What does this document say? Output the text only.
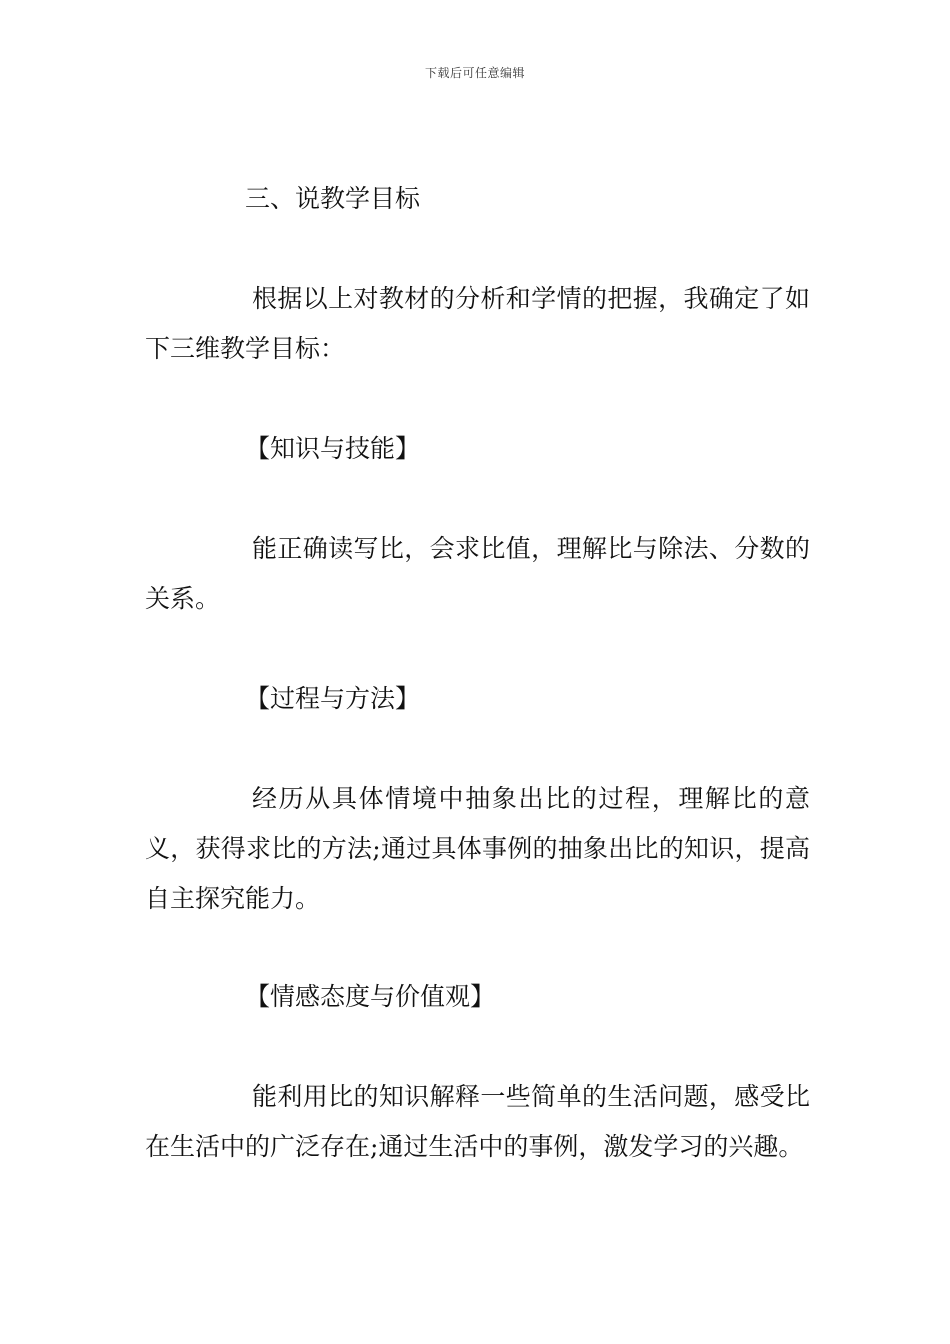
下载后可任意编辑
三、说教学目标
根据以上对教材的分析和学情的把握，我确定了如下三维教学目标：
【知识与技能】
能正确读写比，会求比值，理解比与除法、分数的关系。
【过程与方法】
经历从具体情境中抽象出比的过程，理解比的意义，获得求比的方法;通过具体事例的抽象出比的知识，提高自主探究能力。
【情感态度与价值观】
能利用比的知识解释一些简单的生活问题，感受比在生活中的广泛存在;通过生活中的事例，激发学习的兴趣。
